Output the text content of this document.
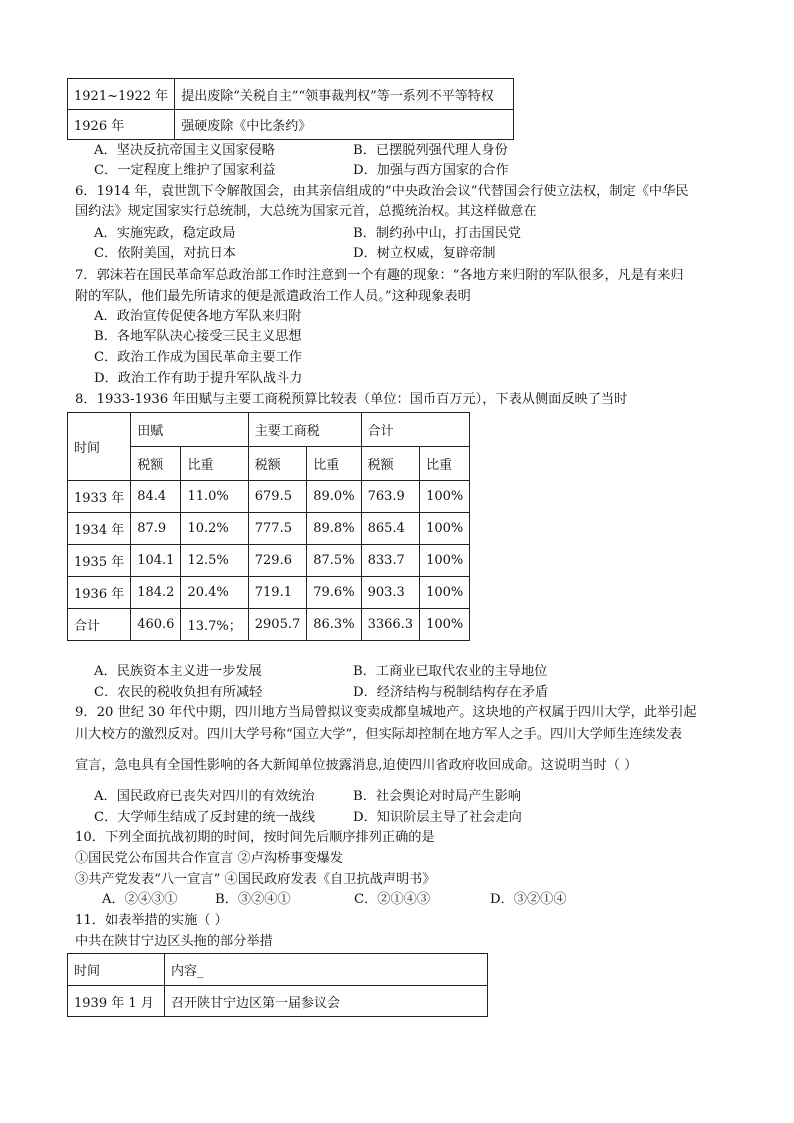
1921~1922 年	提出废除“关税自主”“领事裁判权”等一系列不平等特权
1926 年	强硬废除《中比条约》
A．坚决反抗帝国主义国家侵略	B．已摆脱列强代理人身份
C．一定程度上维护了国家利益	D．加强与西方国家的合作
6．1914 年，袁世凯下令解散国会，由其亲信组成的“中央政治会议”代替国会行使立法权，制定《中华民
国约法》规定国家实行总统制，大总统为国家元首，总揽统治权。其这样做意在
A．实施宪政，稳定政局	B．制约孙中山，打击国民党
C．依附美国，对抗日本	D．树立权威，复辟帝制
7．郭沫若在国民革命军总政治部工作时注意到一个有趣的现象：“各地方来归附的军队很多，凡是有来归
附的军队，他们最先所请求的便是派遣政治工作人员。”这种现象表明
A．政治宣传促使各地方军队来归附
B．各地军队决心接受三民主义思想
C．政治工作成为国民革命主要工作
D．政治工作有助于提升军队战斗力
8．1933-1936 年田赋与主要工商税预算比较表（单位：国币百万元），下表从侧面反映了当时
时间	田赋		主要工商税		合计	
	税额	比重	税额	比重	税额	比重
1933 年	84.4	11.0%	679.5	89.0%	763.9	100%
1934 年	87.9	10.2%	777.5	89.8%	865.4	100%
1935 年	104.1	12.5%	729.6	87.5%	833.7	100%
1936 年	184.2	20.4%	719.1	79.6%	903.3	100%
合计	460.6	13.7%；	2905.7	86.3%	3366.3	100%
A．民族资本主义进一步发展	B．工商业已取代农业的主导地位
C．农民的税收负担有所减轻	D．经济结构与税制结构存在矛盾
9．20 世纪 30 年代中期，四川地方当局曾拟议变卖成都皇城地产。这块地的产权属于四川大学，此举引起
川大校方的激烈反对。四川大学号称“国立大学”，但实际却控制在地方军人之手。四川大学师生连续发表
宣言，急电具有全国性影响的各大新闻单位披露消息,迫使四川省政府收回成命。这说明当时（ ）
A．国民政府已丧失对四川的有效统治	B．社会舆论对时局产生影响
C．大学师生结成了反封建的统一战线	D．知识阶层主导了社会走向
10．下列全面抗战初期的时间，按时间先后顺序排列正确的是
①国民党公布国共合作宣言 ②卢沟桥事变爆发
③共产党发表“八一宣言” ④国民政府发表《自卫抗战声明书》
A．②④③①	B．③②④①	C．②①④③	D．③②①④
11．如表举措的实施（ ）
中共在陕甘宁边区头拖的部分举措
时间	内容_
1939 年 1 月	召开陕甘宁边区第一届参议会
